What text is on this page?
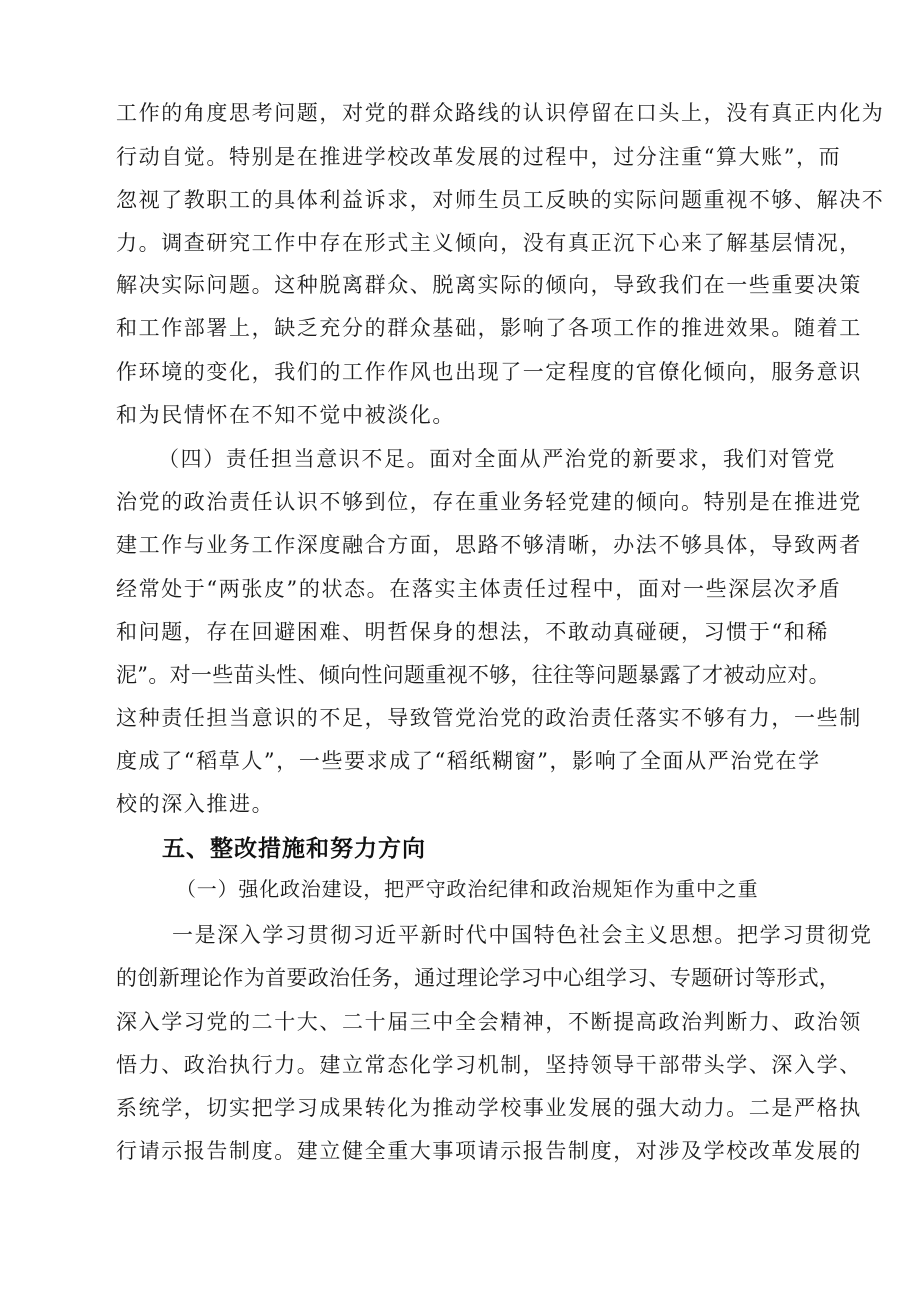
工作的角度思考问题，对党的群众路线的认识停留在口头上，没有真正内化为
行动自觉。特别是在推进学校改革发展的过程中，过分注重“算大账”，而
忽视了教职工的具体利益诉求，对师生员工反映的实际问题重视不够、解决不
力。调查研究工作中存在形式主义倾向，没有真正沉下心来了解基层情况，
解决实际问题。这种脱离群众、脱离实际的倾向，导致我们在一些重要决策
和工作部署上，缺乏充分的群众基础，影响了各项工作的推进效果。随着工
作环境的变化，我们的工作作风也出现了一定程度的官僚化倾向，服务意识
和为民情怀在不知不觉中被淡化。
（四）责任担当意识不足。面对全面从严治党的新要求，我们对管党
治党的政治责任认识不够到位，存在重业务轻党建的倾向。特别是在推进党
建工作与业务工作深度融合方面，思路不够清晰，办法不够具体，导致两者
经常处于“两张皮”的状态。在落实主体责任过程中，面对一些深层次矛盾
和问题，存在回避困难、明哲保身的想法，不敢动真碰硬，习惯于“和稀
泥”。对一些苗头性、倾向性问题重视不够，往往等问题暴露了才被动应对。
这种责任担当意识的不足，导致管党治党的政治责任落实不够有力，一些制
度成了“稻草人”，一些要求成了“稻纸糊窗”，影响了全面从严治党在学
校的深入推进。
五、整改措施和努力方向
（一）强化政治建设，把严守政治纪律和政治规矩作为重中之重
一是深入学习贯彻习近平新时代中国特色社会主义思想。把学习贯彻党
的创新理论作为首要政治任务，通过理论学习中心组学习、专题研讨等形式，
深入学习党的二十大、二十届三中全会精神，不断提高政治判断力、政治领
悟力、政治执行力。建立常态化学习机制，坚持领导干部带头学、深入学、
系统学，切实把学习成果转化为推动学校事业发展的强大动力。二是严格执
行请示报告制度。建立健全重大事项请示报告制度，对涉及学校改革发展的
